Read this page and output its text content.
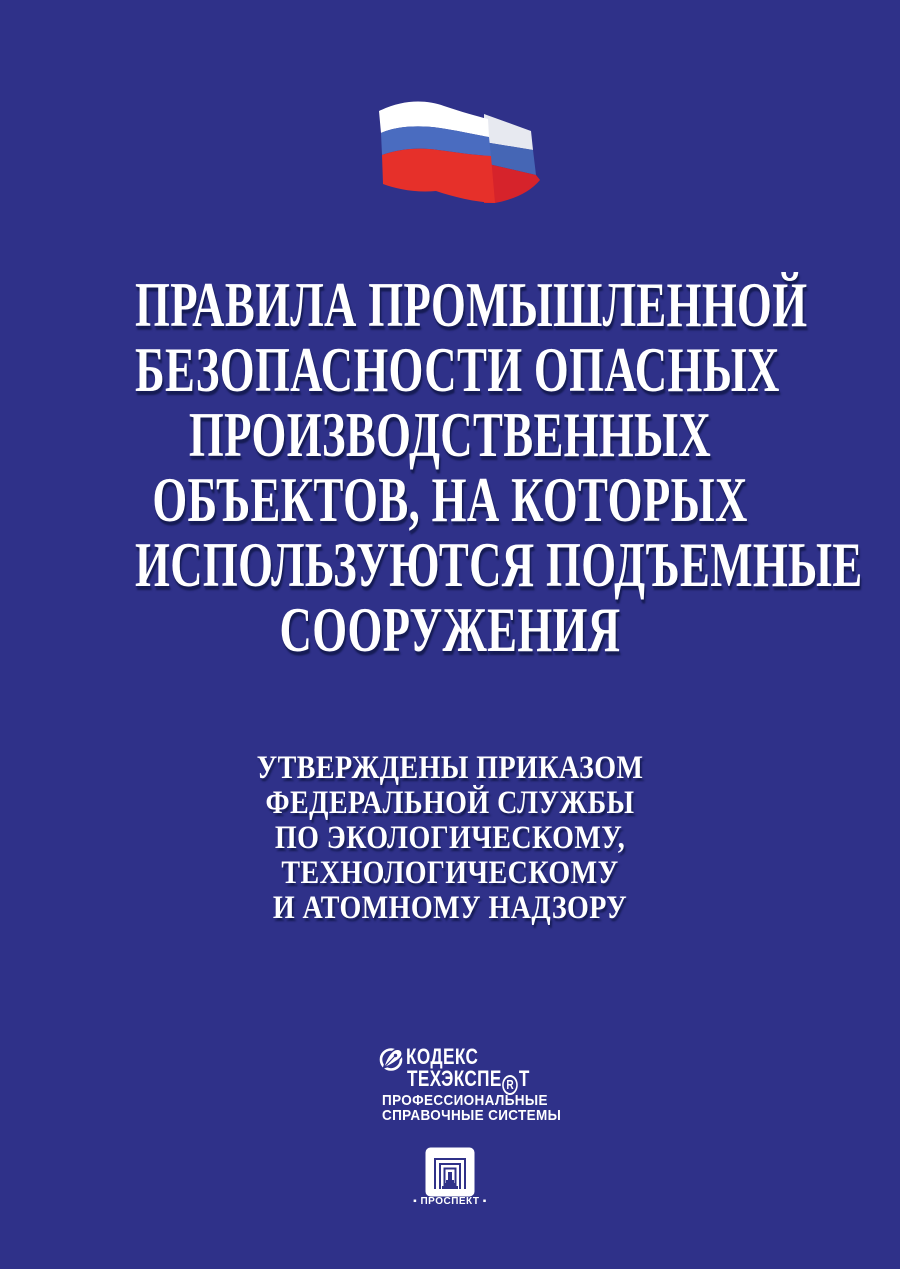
ПРАВИЛА ПРОМЫШЛЕННОЙ
БЕЗОПАСНОСТИ ОПАСНЫХ
ПРОИЗВОДСТВЕННЫХ
ОБЪЕКТОВ, НА КОТОРЫХ
ИСПОЛЬЗУЮТСЯ ПОДЪЕМНЫЕ
СООРУЖЕНИЯ
УТВЕРЖДЕНЫ ПРИКАЗОМ
ФЕДЕРАЛЬНОЙ СЛУЖБЫ
ПО ЭКОЛОГИЧЕСКОМУ,
ТЕХНОЛОГИЧЕСКОМУ
И АТОМНОМУ НАДЗОРУ
КОДЕКС
ТЕХЭКСПЕ R Т
ПРОФЕССИОНАЛЬНЫЕ
СПРАВОЧНЫЕ СИСТЕМЫ
▪ ПРОСПЕКТ ▪
